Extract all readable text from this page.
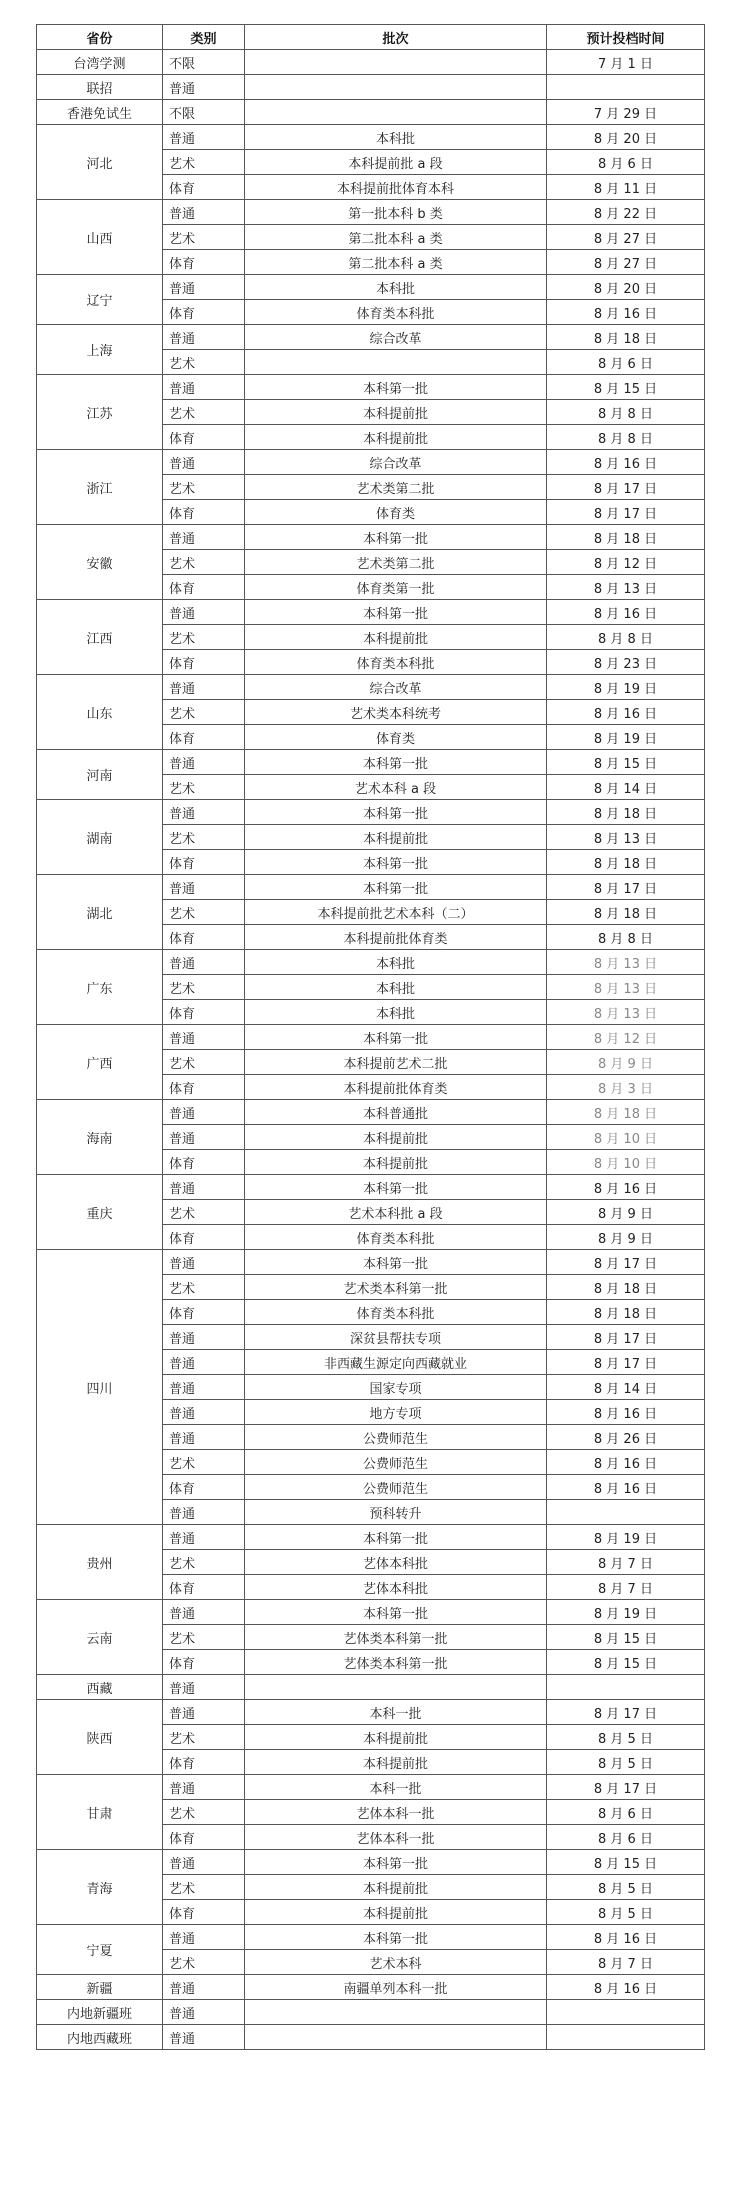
省份	类别	批次	预计投档时间
台湾学测	不限		7 月 1 日
联招	普通		
香港免试生	不限		7 月 29 日
河北	普通	本科批	8 月 20 日
	艺术	本科提前批 a 段	8 月 6 日
	体育	本科提前批体育本科	8 月 11 日
山西	普通	第一批本科 b 类	8 月 22 日
	艺术	第二批本科 a 类	8 月 27 日
	体育	第二批本科 a 类	8 月 27 日
辽宁	普通	本科批	8 月 20 日
	体育	体育类本科批	8 月 16 日
上海	普通	综合改革	8 月 18 日
	艺术		8 月 6 日
江苏	普通	本科第一批	8 月 15 日
	艺术	本科提前批	8 月 8 日
	体育	本科提前批	8 月 8 日
浙江	普通	综合改革	8 月 16 日
	艺术	艺术类第二批	8 月 17 日
	体育	体育类	8 月 17 日
安徽	普通	本科第一批	8 月 18 日
	艺术	艺术类第二批	8 月 12 日
	体育	体育类第一批	8 月 13 日
江西	普通	本科第一批	8 月 16 日
	艺术	本科提前批	8 月 8 日
	体育	体育类本科批	8 月 23 日
山东	普通	综合改革	8 月 19 日
	艺术	艺术类本科统考	8 月 16 日
	体育	体育类	8 月 19 日
河南	普通	本科第一批	8 月 15 日
	艺术	艺术本科 a 段	8 月 14 日
湖南	普通	本科第一批	8 月 18 日
	艺术	本科提前批	8 月 13 日
	体育	本科第一批	8 月 18 日
湖北	普通	本科第一批	8 月 17 日
	艺术	本科提前批艺术本科（二）	8 月 18 日
	体育	本科提前批体育类	8 月 8 日
广东	普通	本科批	8 月 13 日
	艺术	本科批	8 月 13 日
	体育	本科批	8 月 13 日
广西	普通	本科第一批	8 月 12 日
	艺术	本科提前艺术二批	8 月 9 日
	体育	本科提前批体育类	8 月 3 日
海南	普通	本科普通批	8 月 18 日
	普通	本科提前批	8 月 10 日
	体育	本科提前批	8 月 10 日
重庆	普通	本科第一批	8 月 16 日
	艺术	艺术本科批 a 段	8 月 9 日
	体育	体育类本科批	8 月 9 日
四川	普通	本科第一批	8 月 17 日
	艺术	艺术类本科第一批	8 月 18 日
	体育	体育类本科批	8 月 18 日
	普通	深贫县帮扶专项	8 月 17 日
	普通	非西藏生源定向西藏就业	8 月 17 日
	普通	国家专项	8 月 14 日
	普通	地方专项	8 月 16 日
	普通	公费师范生	8 月 26 日
	艺术	公费师范生	8 月 16 日
	体育	公费师范生	8 月 16 日
	普通	预科转升	
贵州	普通	本科第一批	8 月 19 日
	艺术	艺体本科批	8 月 7 日
	体育	艺体本科批	8 月 7 日
云南	普通	本科第一批	8 月 19 日
	艺术	艺体类本科第一批	8 月 15 日
	体育	艺体类本科第一批	8 月 15 日
西藏	普通		
陕西	普通	本科一批	8 月 17 日
	艺术	本科提前批	8 月 5 日
	体育	本科提前批	8 月 5 日
甘肃	普通	本科一批	8 月 17 日
	艺术	艺体本科一批	8 月 6 日
	体育	艺体本科一批	8 月 6 日
青海	普通	本科第一批	8 月 15 日
	艺术	本科提前批	8 月 5 日
	体育	本科提前批	8 月 5 日
宁夏	普通	本科第一批	8 月 16 日
	艺术	艺术本科	8 月 7 日
新疆	普通	南疆单列本科一批	8 月 16 日
内地新疆班	普通		
内地西藏班	普通		
